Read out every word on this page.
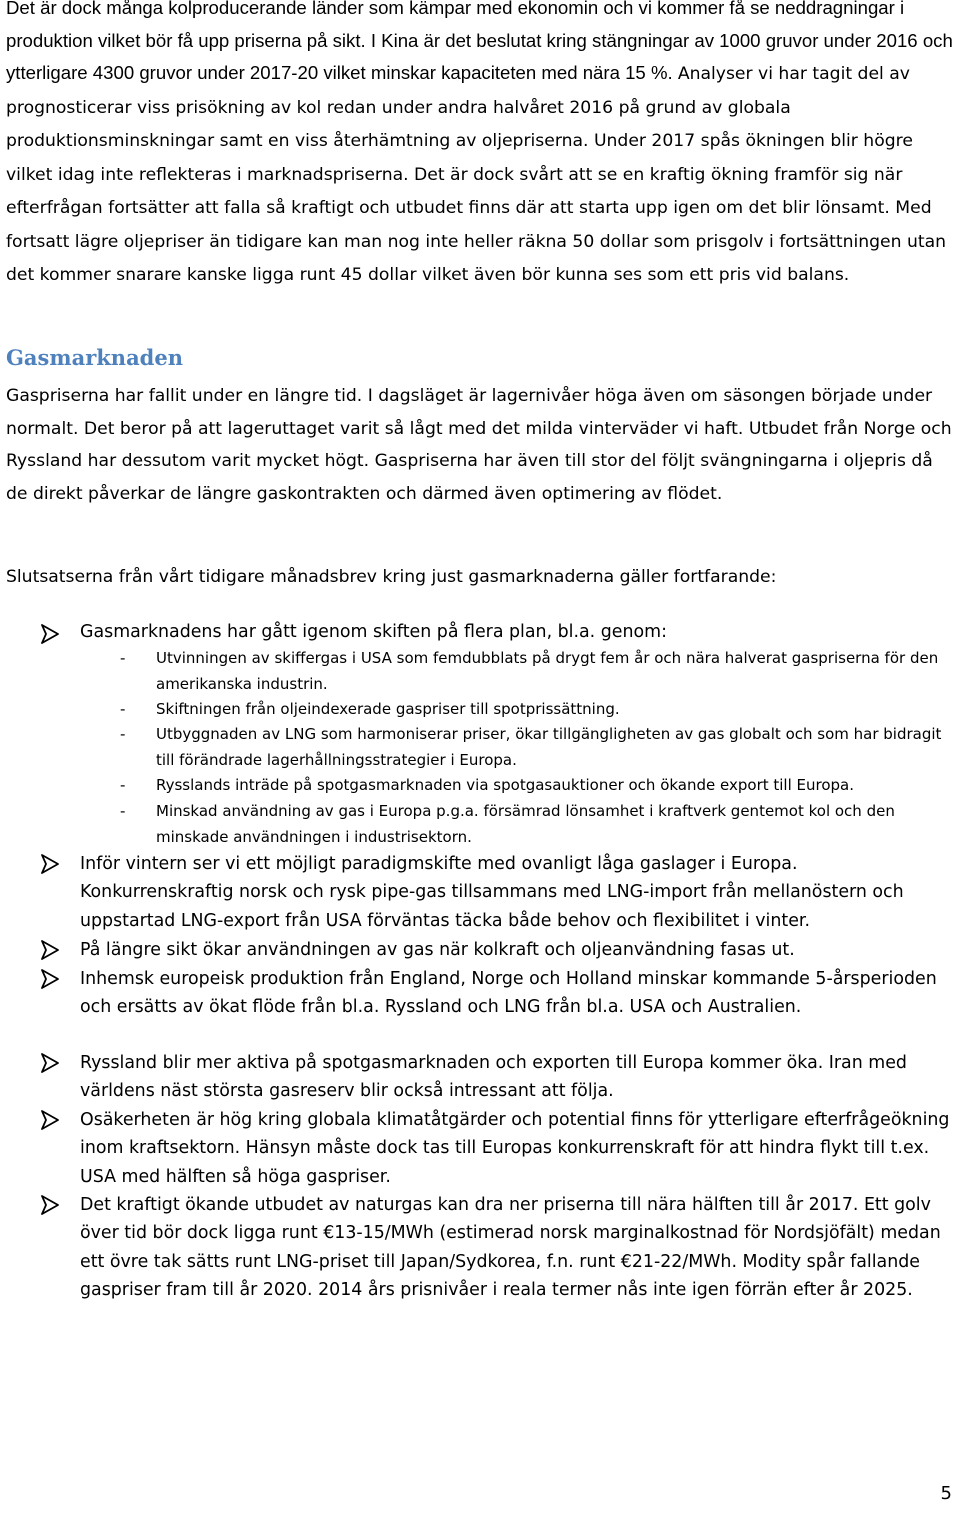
Det är dock många kolproducerande länder som kämpar med ekonomin och vi kommer få se neddragningar i produktion vilket bör få upp priserna på sikt. I Kina är det beslutat kring stängningar av 1000 gruvor under 2016 och ytterligare 4300 gruvor under 2017-20 vilket minskar kapaciteten med nära 15 %. Analyser vi har tagit del av prognosticerar viss prisökning av kol redan under andra halvåret 2016 på grund av globala produktionsminskningar samt en viss återhämtning av oljepriserna. Under 2017 spås ökningen blir högre vilket idag inte reflekteras i marknadspriserna. Det är dock svårt att se en kraftig ökning framför sig när efterfrågan fortsätter att falla så kraftigt och utbudet finns där att starta upp igen om det blir lönsamt. Med fortsatt lägre oljepriser än tidigare kan man nog inte heller räkna 50 dollar som prisgolv i fortsättningen utan det kommer snarare kanske ligga runt 45 dollar vilket även bör kunna ses som ett pris vid balans.

Gasmarknaden

Gaspriserna har fallit under en längre tid. I dagsläget är lagernivåer höga även om säsongen började under normalt. Det beror på att lageruttaget varit så lågt med det milda vinterväder vi haft. Utbudet från Norge och Ryssland har dessutom varit mycket högt. Gaspriserna har även till stor del följt svängningarna i oljepris då de direkt påverkar de längre gaskontrakten och därmed även optimering av flödet.

Slutsatserna från vårt tidigare månadsbrev kring just gasmarknaderna gäller fortfarande:

Gasmarknadens har gått igenom skiften på flera plan, bl.a. genom:

- Utvinningen av skiffergas i USA som femdubblats på drygt fem år och nära halverat gaspriserna för den amerikanska industrin.

- Skiftningen från oljeindexerade gaspriser till spotprissättning.

- Utbyggnaden av LNG som harmoniserar priser, ökar tillgängligheten av gas globalt och som har bidragit till förändrade lagerhållningsstrategier i Europa.

- Rysslands inträde på spotgasmarknaden via spotgasauktioner och ökande export till Europa.

- Minskad användning av gas i Europa p.g.a. försämrad lönsamhet i kraftverk gentemot kol och den minskade användningen i industrisektorn.

Inför vintern ser vi ett möjligt paradigmskifte med ovanligt låga gaslager i Europa. Konkurrenskraftig norsk och rysk pipe-gas tillsammans med LNG-import från mellanöstern och uppstartad LNG-export från USA förväntas täcka både behov och flexibilitet i vinter.

På längre sikt ökar användningen av gas när kolkraft och oljeanvändning fasas ut.

Inhemsk europeisk produktion från England, Norge och Holland minskar kommande 5-årsperioden och ersätts av ökat flöde från bl.a. Ryssland och LNG från bl.a. USA och Australien.

Ryssland blir mer aktiva på spotgasmarknaden och exporten till Europa kommer öka. Iran med världens näst största gasreserv blir också intressant att följa.

Osäkerheten är hög kring globala klimatåtgärder och potential finns för ytterligare efterfrågeökning inom kraftsektorn. Hänsyn måste dock tas till Europas konkurrenskraft för att hindra flykt till t.ex. USA med hälften så höga gaspriser.

Det kraftigt ökande utbudet av naturgas kan dra ner priserna till nära hälften till år 2017. Ett golv över tid bör dock ligga runt €13-15/MWh (estimerad norsk marginalkostnad för Nordsjöfält) medan ett övre tak sätts runt LNG-priset till Japan/Sydkorea, f.n. runt €21-22/MWh. Modity spår fallande gaspriser fram till år 2020. 2014 års prisnivåer i reala termer nås inte igen förrän efter år 2025.

5
